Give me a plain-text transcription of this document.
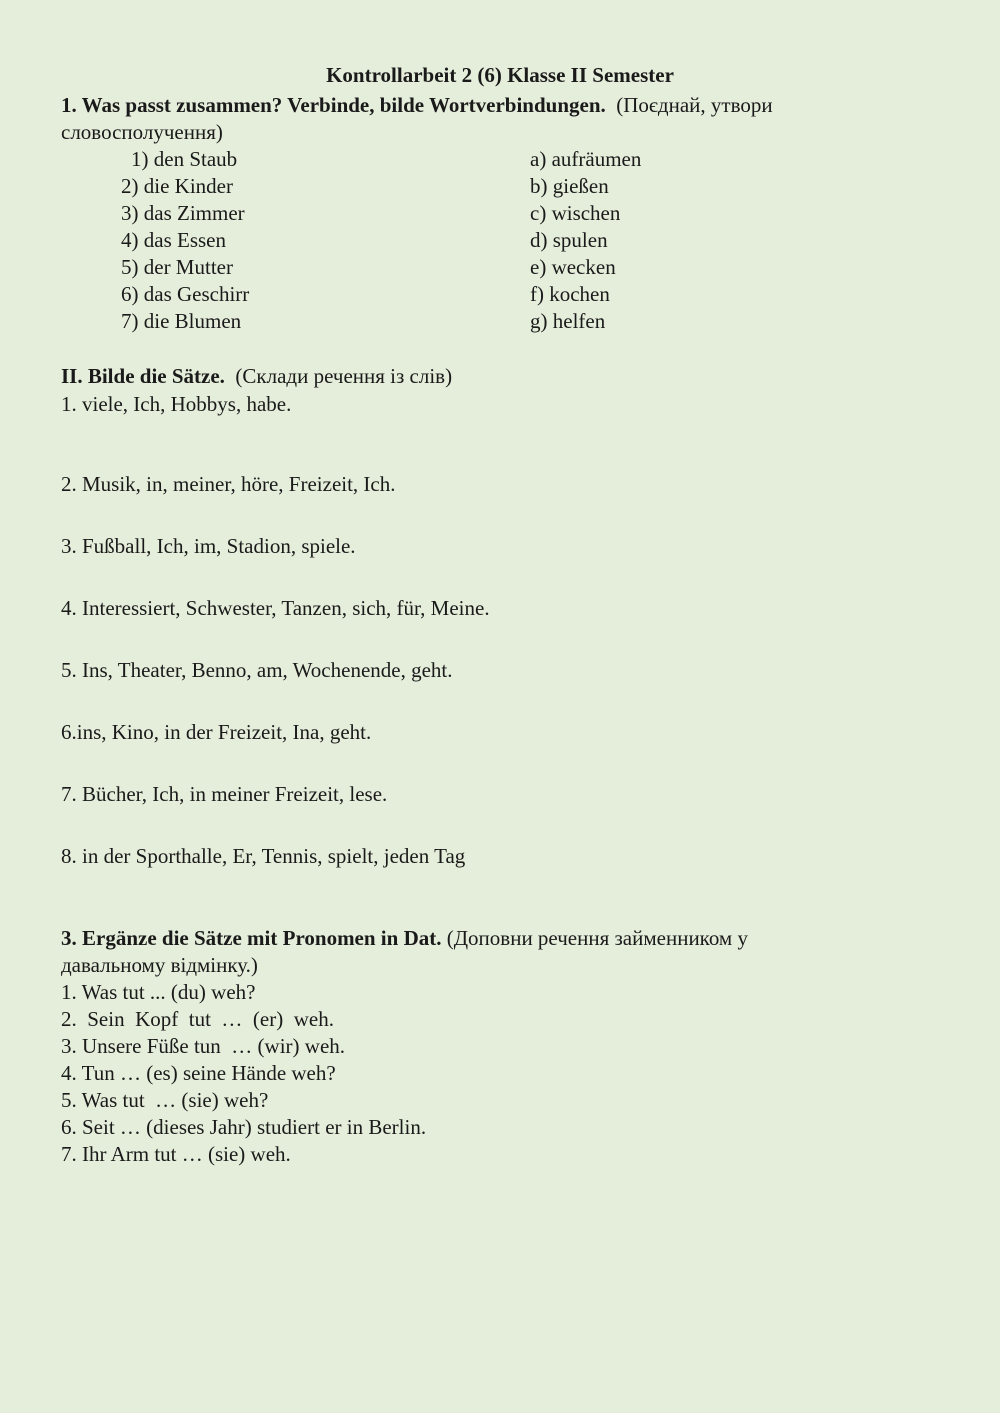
Kontrollarbeit 2 (6) Klasse II Semester
1. Was passt zusammen? Verbinde, bilde Wortverbindungen. (Поєднай, утвори
словосполучення)
1) den Staub
2) die Kinder
3) das Zimmer
4) das Essen
5) der Mutter
6) das Geschirr
7) die Blumen
a) aufräumen
b) gießen
c) wischen
d) spulen
e) wecken
f) kochen
g) helfen
II. Bilde die Sätze. (Склади речення із слів)
1. viele, Ich, Hobbys, habe.
2. Musik, in, meiner, höre, Freizeit, Ich.
3. Fußball, Ich, im, Stadion, spiele.
4. Interessiert, Schwester, Tanzen, sich, für, Meine.
5. Ins, Theater, Benno, am, Wochenende, geht.
6.ins, Kino, in der Freizeit, Ina, geht.
7. Bücher, Ich, in meiner Freizeit, lese.
8. in der Sporthalle, Er, Tennis, spielt, jeden Tag
3. Ergänze die Sätze mit Pronomen in Dat. (Доповни речення займенником у
давальному відмінку.)
1. Was tut ... (du) weh?
2.  Sein  Kopf  tut  …  (er)  weh.
3. Unsere Füße tun  … (wir) weh.
4. Tun … (es) seine Hände weh?
5. Was tut  … (sie) weh?
6. Seit … (dieses Jahr) studiert er in Berlin.
7. Ihr Arm tut … (sie) weh.
